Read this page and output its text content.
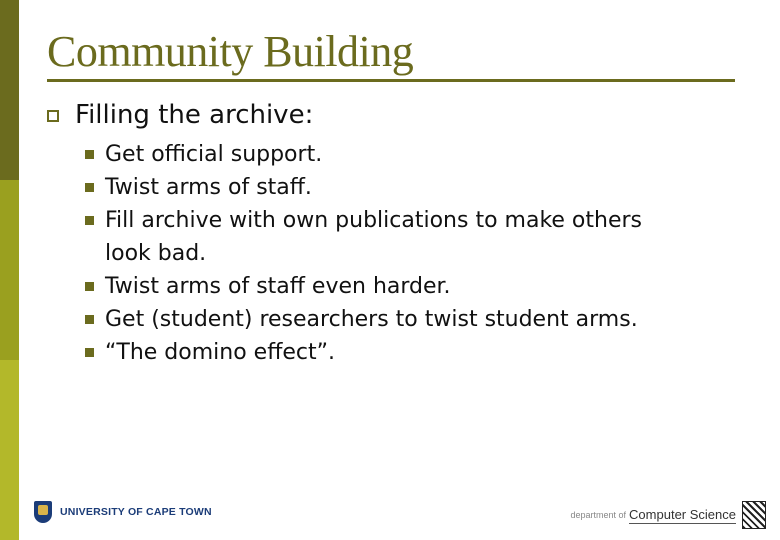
Community Building
Filling the archive:
Get official support.
Twist arms of staff.
Fill archive with own publications to make others
look bad.
Twist arms of staff even harder.
Get (student) researchers to twist student arms.
“The domino effect”.
UNIVERSITY OF CAPE TOWN	department of Computer Science
